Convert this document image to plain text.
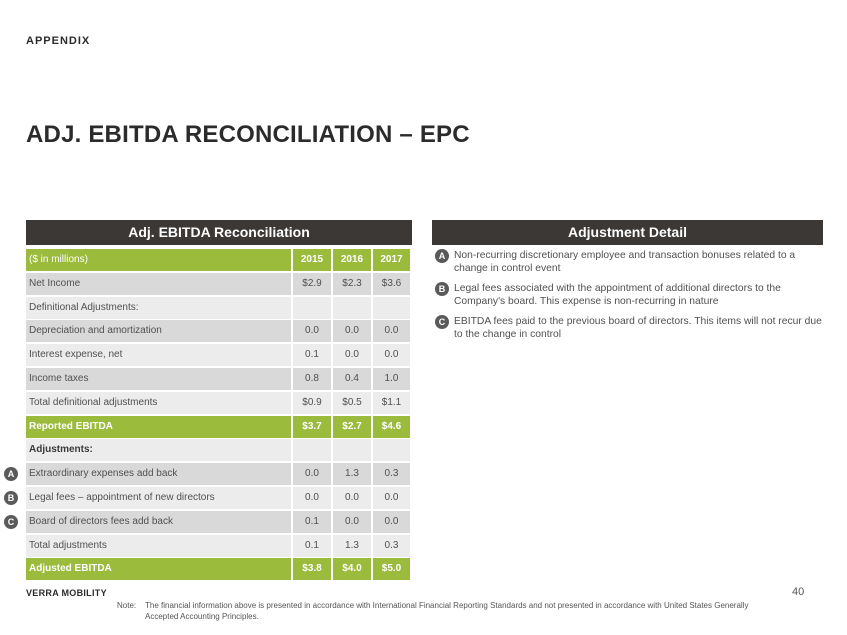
APPENDIX
ADJ. EBITDA RECONCILIATION – EPC
Adj. EBITDA Reconciliation	Adjustment Detail
($ in millions)	2015	2016	2017
Net Income	$2.9	$2.3	$3.6
Definitional Adjustments:
Depreciation and amortization	0.0	0.0	0.0
Interest expense, net	0.1	0.0	0.0
Income taxes	0.8	0.4	1.0
Total definitional adjustments	$0.9	$0.5	$1.1
Reported EBITDA	$3.7	$2.7	$4.6
Adjustments:
A	Extraordinary expenses add back	0.0	1.3	0.3
B	Legal fees – appointment of new directors	0.0	0.0	0.0
C	Board of directors fees add back	0.1	0.0	0.0
Total adjustments	0.1	1.3	0.3
Adjusted EBITDA	$3.8	$4.0	$5.0
A Non-recurring discretionary employee and transaction bonuses related to a change in control event
B Legal fees associated with the appointment of additional directors to the Company's board. This expense is non-recurring in nature
C EBITDA fees paid to the previous board of directors. This items will not recur due to the change in control
VERRA MOBILITY	40
Note:	The financial information above is presented in accordance with International Financial Reporting Standards and not presented in accordance with United States Generally Accepted Accounting Principles.
